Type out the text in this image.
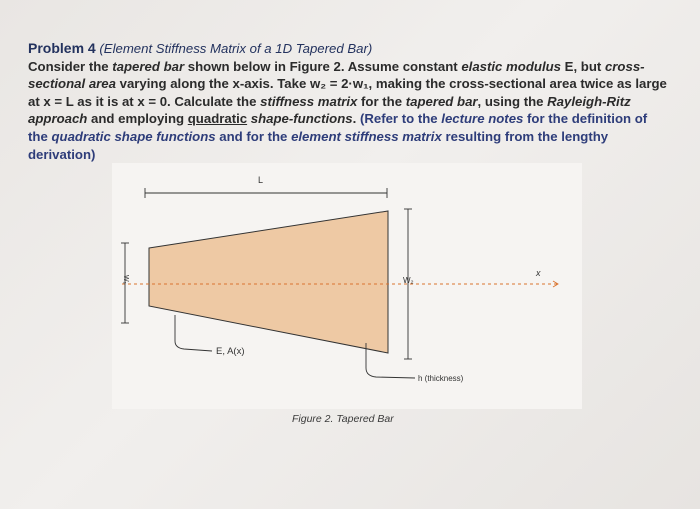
Problem 4 (Element Stiffness Matrix of a 1D Tapered Bar)
Consider the tapered bar shown below in Figure 2. Assume constant elastic modulus E, but cross-sectional area varying along the x-axis. Take w₂ = 2·w₁, making the cross-sectional area twice as large at x = L as it is at x = 0. Calculate the stiffness matrix for the tapered bar, using the Rayleigh-Ritz approach and employing quadratic shape-functions. (Refer to the lecture notes for the definition of the quadratic shape functions and for the element stiffness matrix resulting from the lengthy derivation)
L
x
W₁	W₂
E, A(x)
h (thickness)
Figure 2. Tapered Bar
